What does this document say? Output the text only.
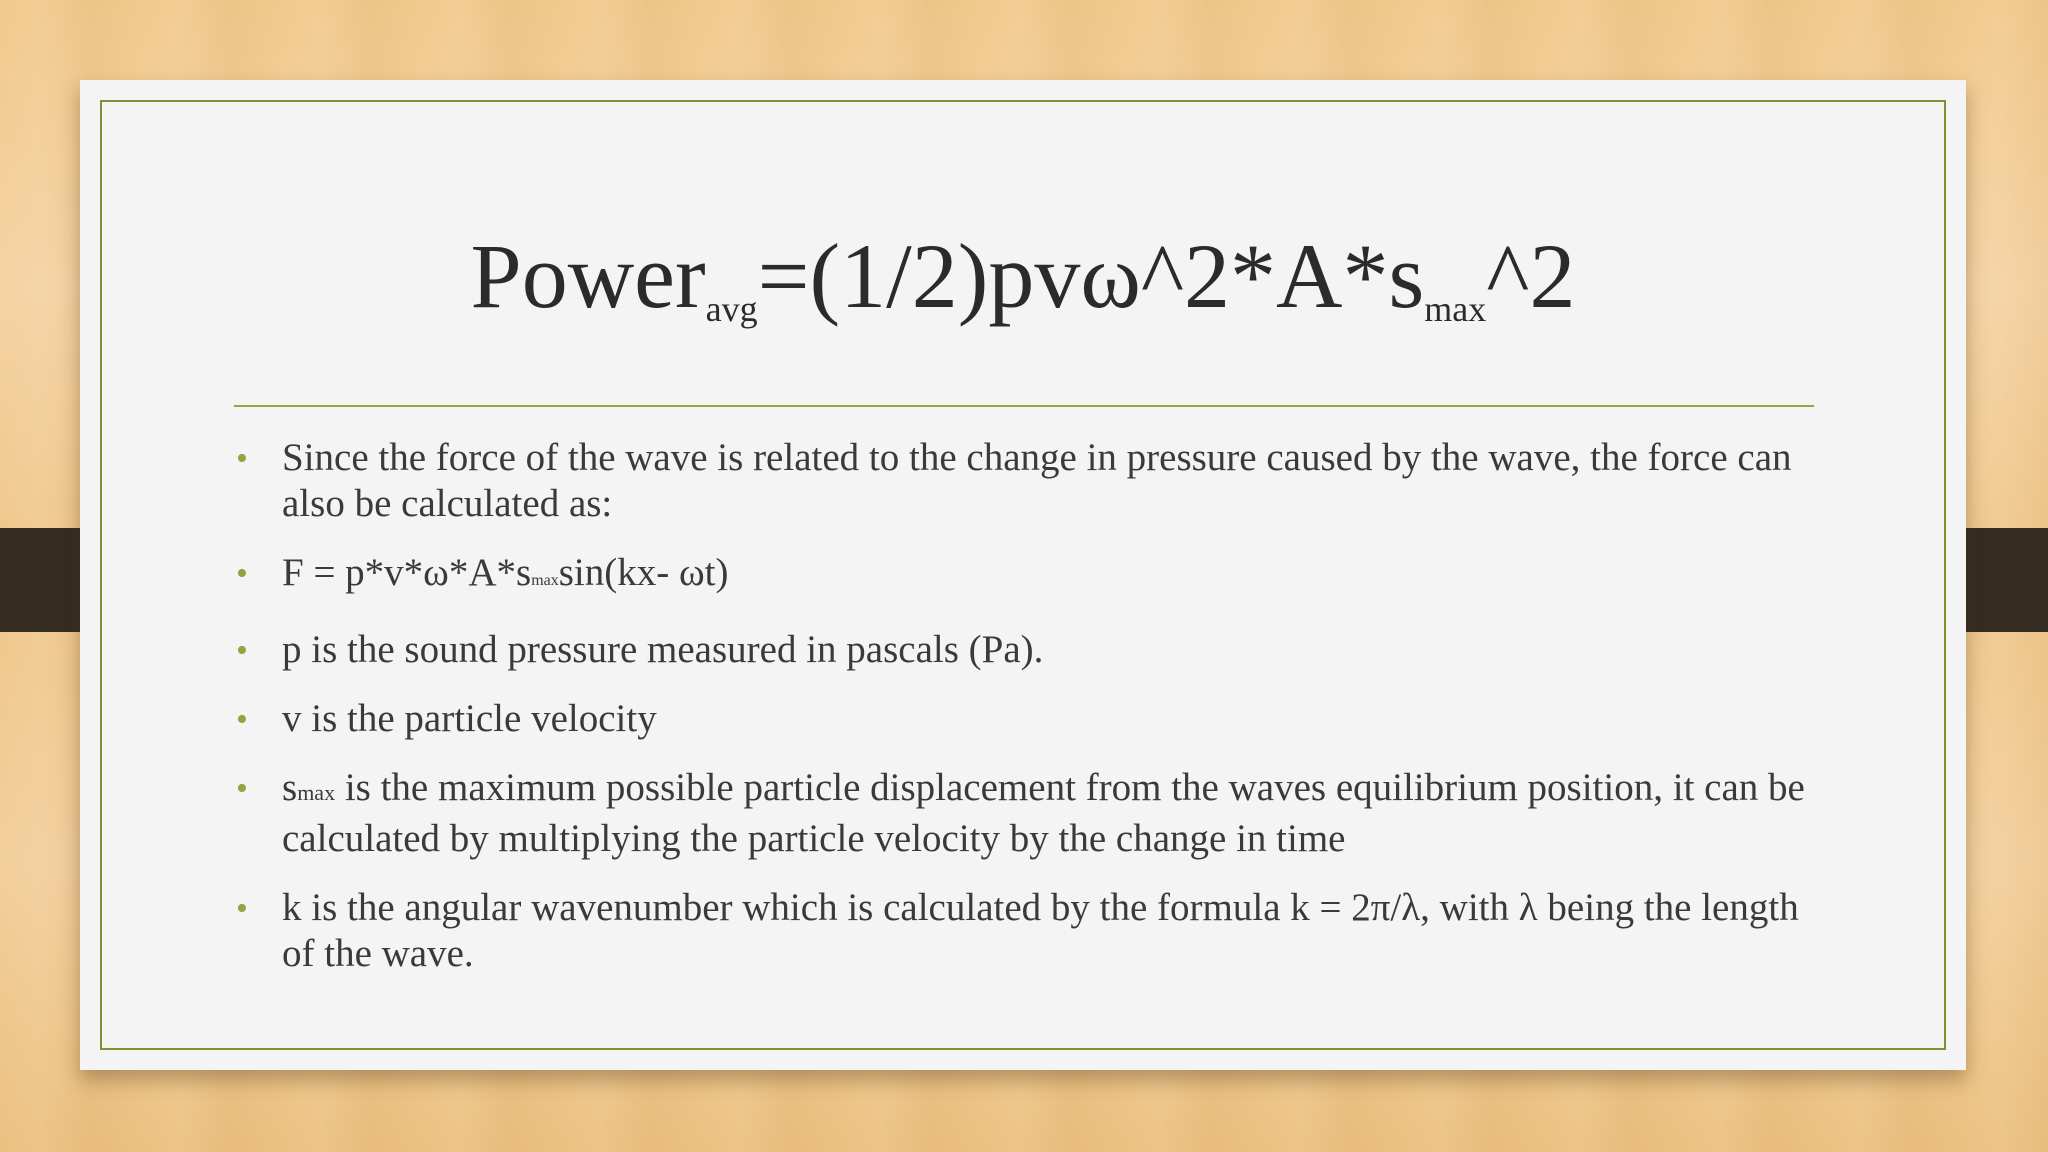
$Power_{avg}=(1/2)pv\omega\^{}2*A*s_{max}\^{}2$
• Since the force of the wave is related to the change in pressure caused by the wave, the force can also be calculated as:
• F = p*v*ω*A*smaxsin(kx- ωt)
• p is the sound pressure measured in pascals (Pa).
• v is the particle velocity
• smax is the maximum possible particle displacement from the waves equilibrium position, it can be calculated by multiplying the particle velocity by the change in time
• k is the angular wavenumber which is calculated by the formula k = 2π/λ, with λ being the length of the wave.
